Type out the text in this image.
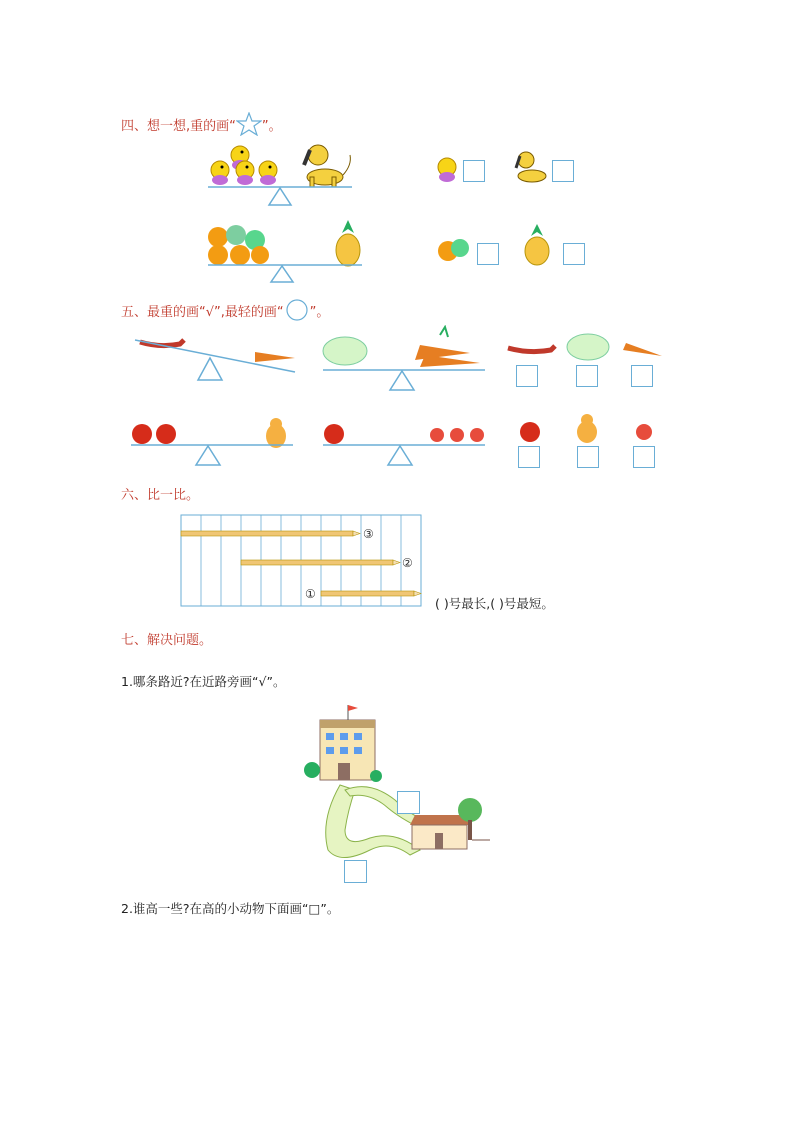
四、想一想,重的画“ ”。
五、最重的画“√”,最轻的画“ ”。
六、比一比。
③
②
①
( )号最长,( )号最短。
七、解决问题。
1.哪条路近?在近路旁画“√”。
2.谁高一些?在高的小动物下面画“□”。
